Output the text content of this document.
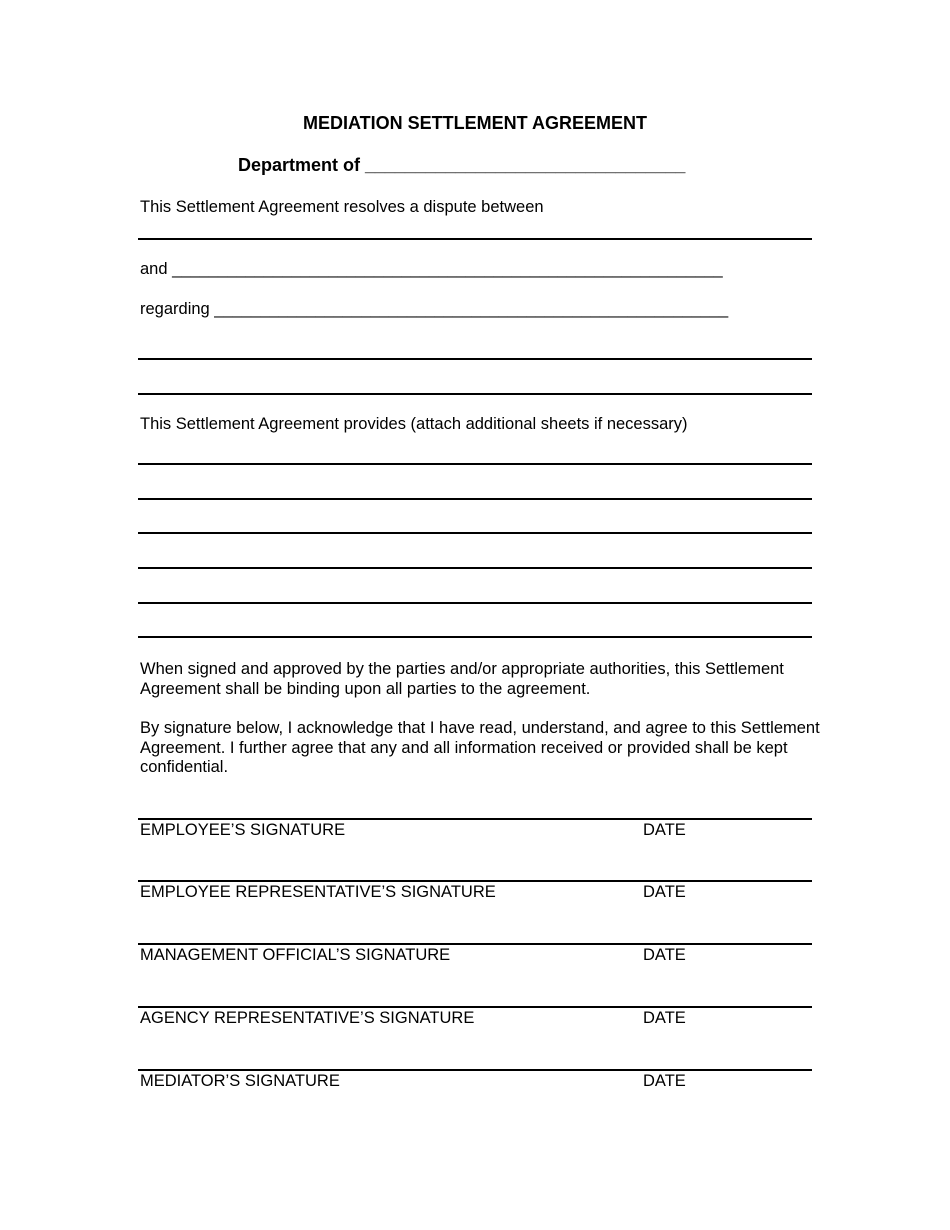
MEDIATION SETTLEMENT AGREEMENT
Department of ________________________________
This Settlement Agreement resolves a dispute between
and ____________________________________________________________
regarding ________________________________________________________
This Settlement Agreement provides (attach additional sheets if necessary)
When signed and approved by the parties and/or appropriate authorities, this Settlement Agreement shall be binding upon all parties to the agreement.
By signature below, I acknowledge that I have read, understand, and agree to this Settlement Agreement. I further agree that any and all information received or provided shall be kept confidential.
EMPLOYEE’S SIGNATURE	DATE
EMPLOYEE REPRESENTATIVE’S SIGNATURE	DATE
MANAGEMENT OFFICIAL’S SIGNATURE	DATE
AGENCY REPRESENTATIVE’S SIGNATURE	DATE
MEDIATOR’S SIGNATURE	DATE
